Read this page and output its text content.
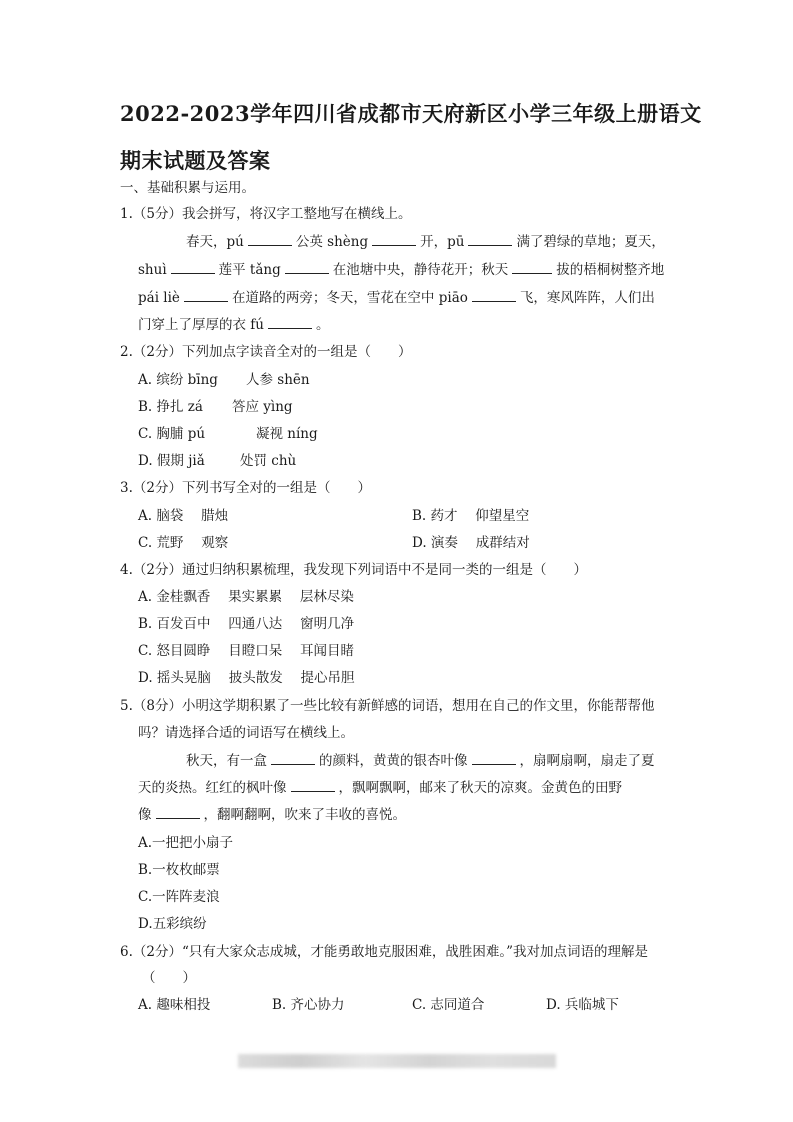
2022-2023学年四川省成都市天府新区小学三年级上册语文
期末试题及答案
一、基础积累与运用。
1.（5分）我会拼写，将汉字工整地写在横线上。
春天，pú	公英 shèng	开，pū	满了碧绿的草地；夏天，
shuì	莲平 tǎng	在池塘中央，静待花开；秋天	拔的梧桐树整齐地
pái liè	在道路的两旁；冬天，雪花在空中 piāo	飞，寒风阵阵，人们出
门穿上了厚厚的衣 fú	。
2.（2分）下列加点字读音全对的一组是（　　）
A. 缤纷 bīng 人参 shēn
B. 挣扎 zá 答应 yìng
C. 胸脯 pú	凝视 níng
D. 假期 jiǎ	处罚 chù
3.（2分）下列书写全对的一组是（　　）
A. 脑袋　 腊烛	B. 药才　 仰望星空
C. 荒野　 观察	D. 演奏　 成群结对
4.（2分）通过归纳积累梳理，我发现下列词语中不是同一类的一组是（　　）
A. 金桂飘香　 果实累累　 层林尽染
B. 百发百中　 四通八达　 窗明几净
C. 怒目圆睁　 目瞪口呆　 耳闻目睹
D. 摇头晃脑　 披头散发　 提心吊胆
5.（8分）小明这学期积累了一些比较有新鲜感的词语，想用在自己的作文里，你能帮帮他
吗？请选择合适的词语写在横线上。
秋天，有一盒	的颜料，黄黄的银杏叶像	，扇啊扇啊，扇走了夏
天的炎热。红红的枫叶像	，飘啊飘啊，邮来了秋天的凉爽。金黄色的田野
像	，翻啊翻啊，吹来了丰收的喜悦。
A.一把把小扇子
B.一枚枚邮票
C.一阵阵麦浪
D.五彩缤纷
6.（2分）“只有大家众志成城，才能勇敢地克服困难，战胜困难。”我对加点词语的理解是
（　　）
A. 趣味相投	B. 齐心协力	C. 志同道合	D. 兵临城下
